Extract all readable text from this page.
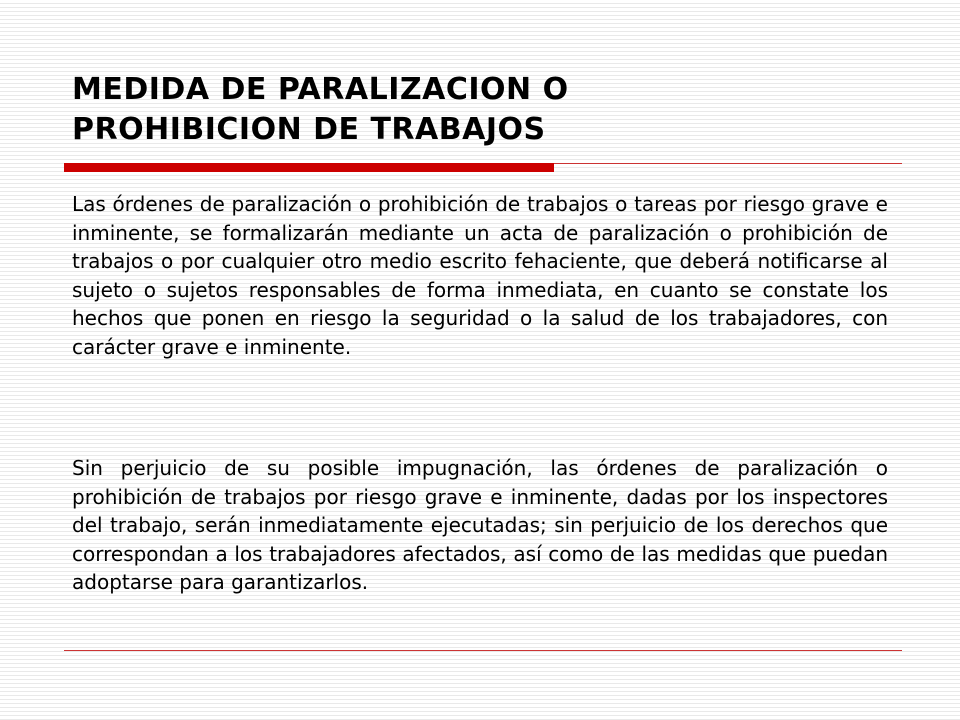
MEDIDA DE PARALIZACION O
PROHIBICION DE TRABAJOS

Las órdenes de paralización o prohibición de trabajos o tareas por riesgo grave e inminente, se formalizarán mediante un acta de paralización o prohibición de trabajos o por cualquier otro medio escrito fehaciente, que deberá notificarse al sujeto o sujetos responsables de forma inmediata, en cuanto se constate los hechos que ponen en riesgo la seguridad o la salud de los trabajadores, con carácter grave e inminente.

Sin perjuicio de su posible impugnación, las órdenes de paralización o prohibición de trabajos por riesgo grave e inminente, dadas por los inspectores del trabajo, serán inmediatamente ejecutadas; sin perjuicio de los derechos que correspondan a los trabajadores afectados, así como de las medidas que puedan adoptarse para garantizarlos.
